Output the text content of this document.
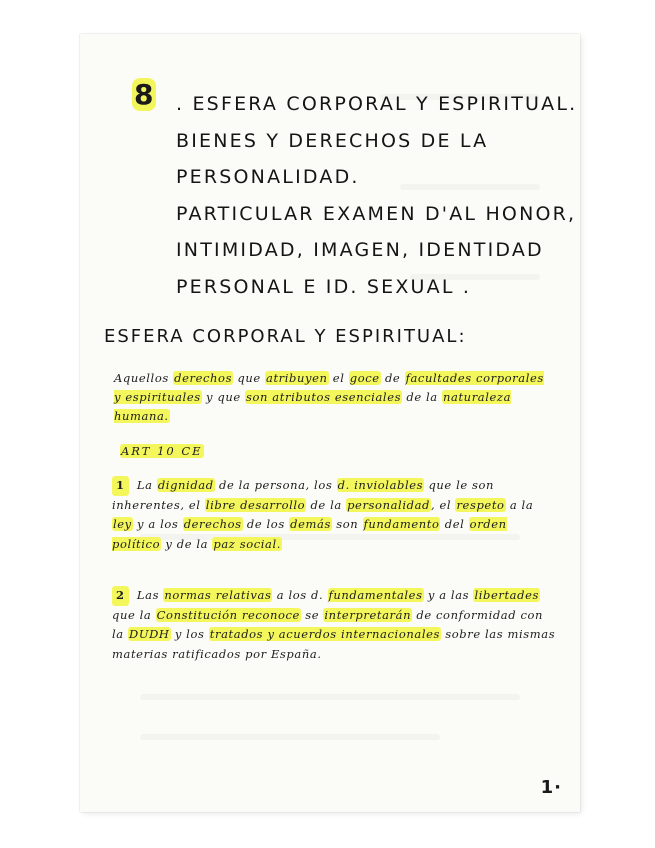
8 . ESFERA CORPORAL Y ESPIRITUAL.
BIENES Y DERECHOS DE LA
PERSONALIDAD.
PARTICULAR EXAMEN D'AL HONOR,
INTIMIDAD, IMAGEN, IDENTIDAD
PERSONAL E ID. SEXUAL .
ESFERA CORPORAL Y ESPIRITUAL:
Aquellos derechos que atribuyen el goce de facultades corporales y espirituales y que son atributos esenciales de la naturaleza humana.
ART 10 CE
1 La dignidad de la persona, los d. inviolables que le son inherentes, el libre desarrollo de la personalidad, el respeto a la ley y a los derechos de los demás son fundamento del orden político y de la paz social.
2 Las normas relativas a los d. fundamentales y a las libertades que la Constitución reconoce se interpretarán de conformidad con la DUDH y los tratados y acuerdos internacionales sobre las mismas materias ratificados por España.
1·
